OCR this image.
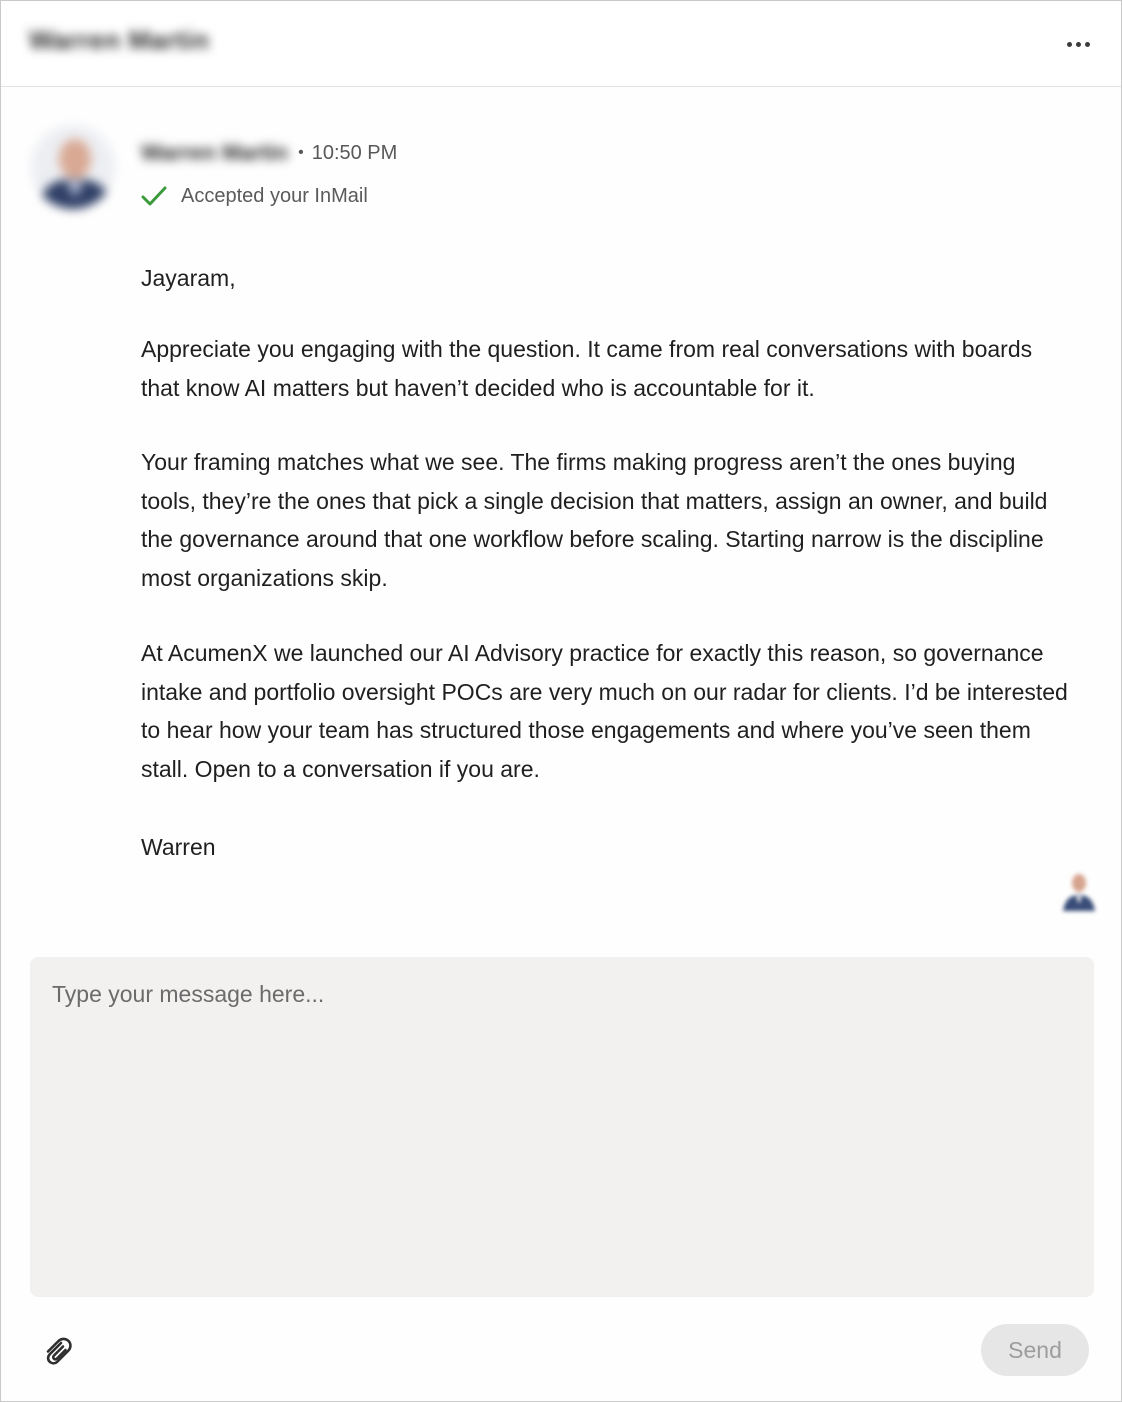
Warren Martin
Warren Martin • 10:50 PM
Accepted your InMail

Jayaram,

Appreciate you engaging with the question. It came from real conversations with boards that know AI matters but haven’t decided who is accountable for it.

Your framing matches what we see. The firms making progress aren’t the ones buying tools, they’re the ones that pick a single decision that matters, assign an owner, and build the governance around that one workflow before scaling. Starting narrow is the discipline most organizations skip.

At AcumenX we launched our AI Advisory practice for exactly this reason, so governance intake and portfolio oversight POCs are very much on our radar for clients. I’d be interested to hear how your team has structured those engagements and where you’ve seen them stall. Open to a conversation if you are.

Warren

Type your message here...
Send
